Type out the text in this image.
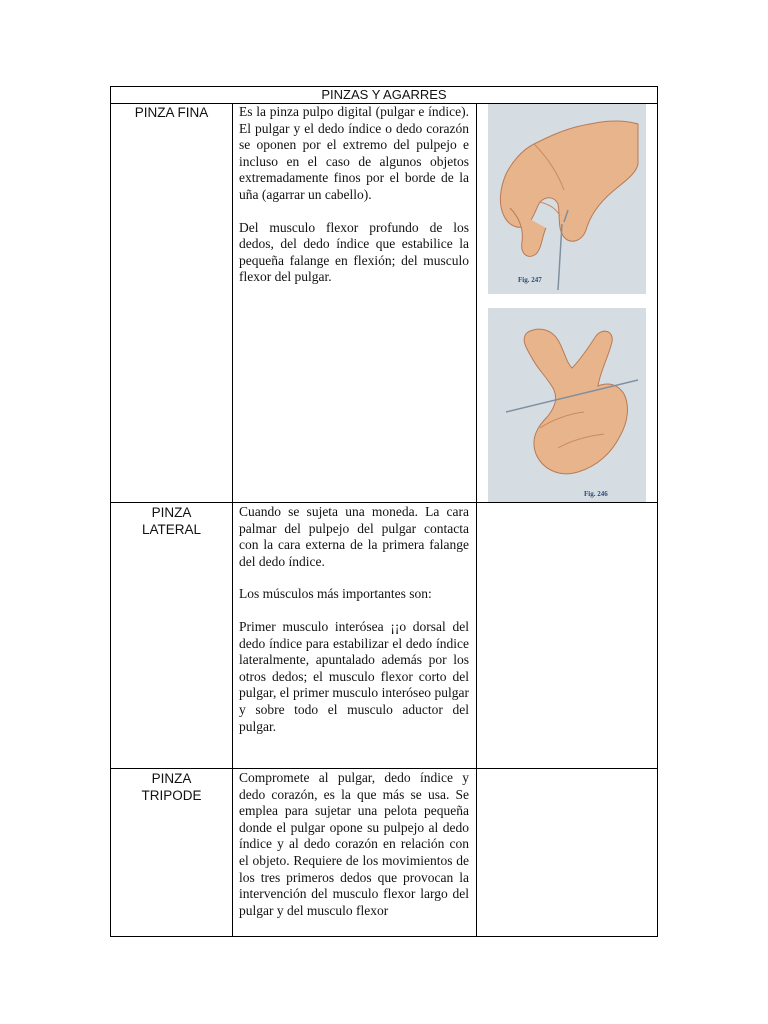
PINZAS Y AGARRES
PINZA FINA	Es la pinza pulpo digital (pulgar e índice). El pulgar y el dedo índice o dedo corazón se oponen por el extremo del pulpejo e incluso en el caso de algunos objetos extremadamente finos por el borde de la uña (agarrar un cabello).

Del musculo flexor profundo de los dedos, del dedo índice que estabilice la pequeña falange en flexión; del musculo flexor del pulgar.	Fig. 247
Fig. 246
PINZA
LATERAL

Cuando se sujeta una moneda. La cara palmar del pulpejo del pulgar contacta con la cara externa de la primera falange del dedo índice.

Los músculos más importantes son:

Primer musculo interósea ¡¡o dorsal del dedo índice para estabilizar el dedo índice lateralmente, apuntalado además por los otros dedos; el musculo flexor corto del pulgar, el primer musculo interóseo pulgar y sobre todo el musculo aductor del pulgar.

PINZA
TRIPODE

Compromete al pulgar, dedo índice y dedo corazón, es la que más se usa. Se emplea para sujetar una pelota pequeña donde el pulgar opone su pulpejo al dedo índice y al dedo corazón en relación con el objeto. Requiere de los movimientos de los tres primeros dedos que provocan la intervención del musculo flexor largo del pulgar y del musculo flexor
